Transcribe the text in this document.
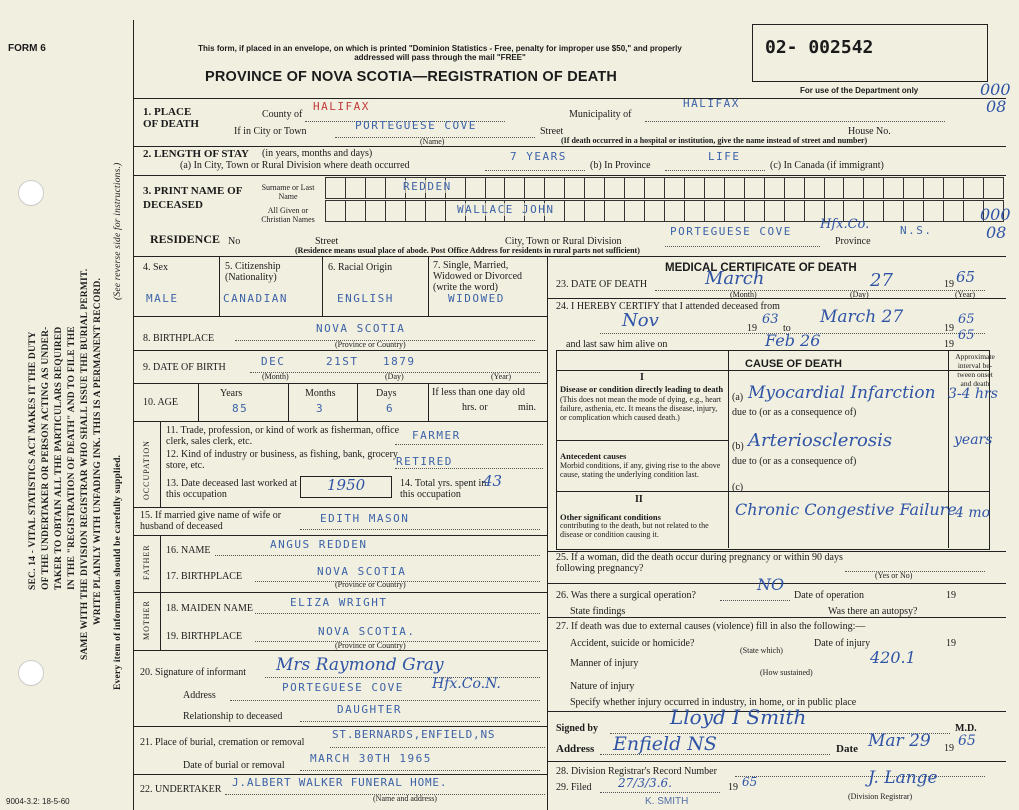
SEC. 14 - VITAL STATISTICS ACT MAKES IT THE DUTY OF THE UNDERTAKER OR PERSON ACTING AS UNDER- TAKER TO OBTAIN ALL THE PARTICULARS REQUIRED IN THE "REGISTRATION OF DEATH" AND TO FILE THE SAME WITH THE DIVISION REGISTRAR WHO SHALL ISSUE THE BURIAL PERMIT. WRITE PLAINLY WITH UNFADING INK. THIS IS A PERMANENT RECORD. Every item of information should be carefully supplied.
(See reverse side for instructions.)
FORM 6	This form, if placed in an envelope, on which is printed "Dominion Statistics - Free, penalty for improper use $50," and properly addressed will pass through the mail "FREE"
PROVINCE OF NOVA SCOTIA—REGISTRATION OF DEATH
02- 002542
For use of the Department only
1. PLACE OF DEATH
County of
HALIFAX
Municipality of
HALIFAX
If in City or Town	PORTEGUESE COVE
(Name)
Street	House No.
(If death occurred in a hospital or institution, give the name instead of street and number)
000
08
2. LENGTH OF STAY (in years, months and days)
(a) In City, Town or Rural Division where death occurred
7 YEARS
(b) In Province
LIFE
(c) In Canada (if immigrant)
3. PRINT NAME OF DECEASED
Surname or Last Name
All Given or Christian Names
REDDEN
WALLACE JOHN
RESIDENCE No	Street	City, Town or Rural Division
PORTEGUESE COVE Hfx.Co.
Province
N.S.
(Residence means usual place of abode. Post Office Address for residents in rural parts not sufficient)
000
08
4. Sex
MALE
5. Citizenship (Nationality)
CANADIAN
6. Racial Origin
ENGLISH
7. Single, Married, Widowed or Divorced (write the word)
WIDOWED
8. BIRTHPLACE
NOVA SCOTIA
(Province or Country)
9. DATE OF BIRTH	DEC	21ST 1879
(Month)	(Day)	(Year)
10. AGE
Years	Months	Days
85	3	6
If less than one day old
hrs. or	min.
OCCUPATION
11. Trade, profession, or kind of work as fisherman, office clerk, sales clerk, etc.	FARMER
12. Kind of industry or business, as fishing, bank, grocery store, etc.	RETIRED
13. Date deceased last worked at this occupation
1950	14. Total yrs. spent in this occupation
43
15. If married give name of wife or husband of deceased
EDITH MASON
FATHER 16. NAME	ANGUS REDDEN
17. BIRTHPLACE	NOVA SCOTIA
(Province or Country)
MOTHER 18. MAIDEN NAME	ELIZA WRIGHT
19. BIRTHPLACE	NOVA SCOTIA.
(Province or Country)
20. Signature of informant Mrs Raymond Gray
Address
PORTEGUESE COVE Hfx.Co.N.
Relationship to deceased
DAUGHTER
21. Place of burial, cremation or removal
ST.BERNARDS,ENFIELD,NS
Date of burial or removal
MARCH 30TH 1965
22. UNDERTAKER
J.ALBERT WALKER FUNERAL HOME.
(Name and address)
9004-3.2: 18-5-60
MEDICAL CERTIFICATE OF DEATH
23. DATE OF DEATH	March	27	19 65
(Month)	(Day)	(Year)
24. I HEREBY CERTIFY that I attended deceased from
Nov	19
63
to
March 27
19
65
and last saw him alive on	Feb 26	19
65
CAUSE OF DEATH
Approximate interval be-tween onset and death
I
Disease or condition directly leading to death
(This does not mean the mode of dying, e.g., heart failure, asthenia, etc. It means the disease, injury, or complication which caused death.)
(a) Myocardial Infarction 3-4 hrs
due to (or as a consequence of)
Antecedent causes
Morbid conditions, if any, giving rise to the above cause, stating the underlying condition last.
(b) Arteriosclerosis	years
due to (or as a consequence of)
(c)
II
Other significant conditions
contributing to the death, but not related to the disease or condition causing it.
Chronic Congestive Failure
4 mo
25. If a woman, did the death occur during pregnancy or within 90 days following pregnancy?
(Yes or No)
26. Was there a surgical operation?
NO
Date of operation	19
State findings	Was there an autopsy?
27. If death was due to external causes (violence) fill in also the following:—
Accident, suicide or homicide?	Date of injury	19
(State which)
Manner of injury	420.1
(How sustained)
Nature of injury
Specify whether injury occurred in industry, in home, or in public place
Signed by	Lloyd I Smith	M.D.
Address Enfield NS	Date Mar 29 19 65
28. Division Registrar's Record Number
29. Filed 27/3/3.6.	19 65	J. Lange
(Division Registrar)
K. SMITH
